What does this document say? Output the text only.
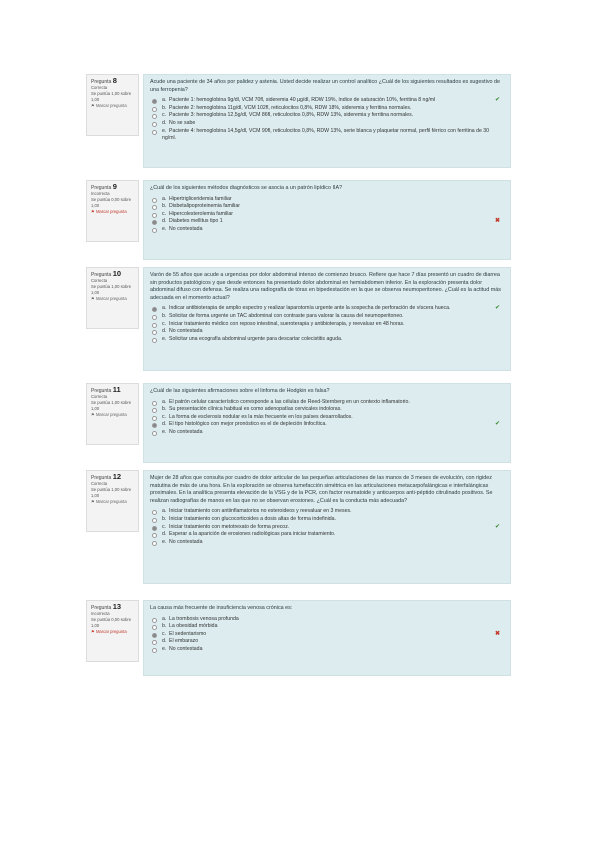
Pregunta 8
Correcta
Se puntúa 1,00 sobre 1,00
⚑ Marcar pregunta
Acude una paciente de 34 años por palidez y astenia. Usted decide realizar un control analítico ¿Cuál de los siguientes resultados es sugestivo de una ferropenia?
a. Paciente 1: hemoglobina 9g/dl, VCM 70fl, sideremia 40 µg/dl, RDW 19%, índice de saturación 10%, ferritina 8 ng/ml	✔
b. Paciente 2: hemoglobina 11g/dl, VCM 102fl, reticulocitos 0,8%, RDW 18%, sideremia y ferritina normales.
c. Paciente 3: hemoglobina 12,5g/dl, VCM 86fl, reticulocitos 0,8%, RDW 13%, sideremia y ferritina normales.
d. No se sabe
e. Paciente 4: hemoglobina 14,5g/dl, VCM 90fl, reticulocitos 0,8%, RDW 13%, serie blanca y plaquetar normal, perfil férrico con ferritina de 30 ng/ml.
Pregunta 9
Incorrecta
Se puntúa 0,00 sobre 1,00
⚑ Marcar pregunta
¿Cuál de los siguientes métodos diagnósticos se asocia a un patrón lipídico IIA?
a. Hipertrigliceridemia familiar
b. Disbetalipoproteinemia familiar
c. Hipercolesterolemia familiar
d. Diabetes mellitus tipo 1	✖
e. No contestada
Pregunta 10
Correcta
Se puntúa 1,00 sobre 1,00
⚑ Marcar pregunta
Varón de 55 años que acude a urgencias por dolor abdominal intenso de comienzo brusco. Refiere que hace 7 días presentó un cuadro de diarrea sin productos patológicos y que desde entonces ha presentado dolor abdominal en hemiabdomen inferior. En la exploración presenta dolor abdominal difuso con defensa. Se realiza una radiografía de tórax en bipedestación en la que se observa neumoperitoneo. ¿Cuál es la actitud más adecuada en el momento actual?
a. Indicar antibioterapia de amplio espectro y realizar laparotomía urgente ante la sospecha de perforación de víscera hueca.	✔
b. Solicitar de forma urgente un TAC abdominal con contraste para valorar la causa del neumoperitoneo.
c. Iniciar tratamiento médico con reposo intestinal, sueroterapia y antibioterapia, y reevaluar en 48 horas.
d. No contestada
e. Solicitar una ecografía abdominal urgente para descartar colecistitis aguda.
Pregunta 11
Correcta
Se puntúa 1,00 sobre 1,00
⚑ Marcar pregunta
¿Cuál de las siguientes afirmaciones sobre el linfoma de Hodgkin es falsa?
a. El patrón celular característico corresponde a las células de Reed-Sternberg en un contexto inflamatorio.
b. Su presentación clínica habitual es como adenopatías cervicales indoloras.
c. La forma de esclerosis nodular es la más frecuente en los países desarrollados.
d. El tipo histológico con mejor pronóstico es el de depleción linfocítica.	✔
e. No contestada
Pregunta 12
Correcta
Se puntúa 1,00 sobre 1,00
⚑ Marcar pregunta
Mujer de 28 años que consulta por cuadro de dolor articular de las pequeñas articulaciones de las manos de 3 meses de evolución, con rigidez matutina de más de una hora. En la exploración se observa tumefacción simétrica en las articulaciones metacarpofalángicas e interfalángicas proximales. En la analítica presenta elevación de la VSG y de la PCR, con factor reumatoide y anticuerpos anti-péptido citrulinado positivos. Se realizan radiografías de manos en las que no se observan erosiones. ¿Cuál es la conducta más adecuada?
a. Iniciar tratamiento con antiinflamatorios no esteroideos y reevaluar en 3 meses.
b. Iniciar tratamiento con glucocorticoides a dosis altas de forma indefinida.
c. Iniciar tratamiento con metotrexato de forma precoz.	✔
d. Esperar a la aparición de erosiones radiológicas para iniciar tratamiento.
e. No contestada
Pregunta 13
Incorrecta
Se puntúa 0,00 sobre 1,00
⚑ Marcar pregunta
La causa más frecuente de insuficiencia venosa crónica es:
a. La trombosis venosa profunda
b. La obesidad mórbida
c. El sedentarismo	✖
d. El embarazo
e. No contestada
